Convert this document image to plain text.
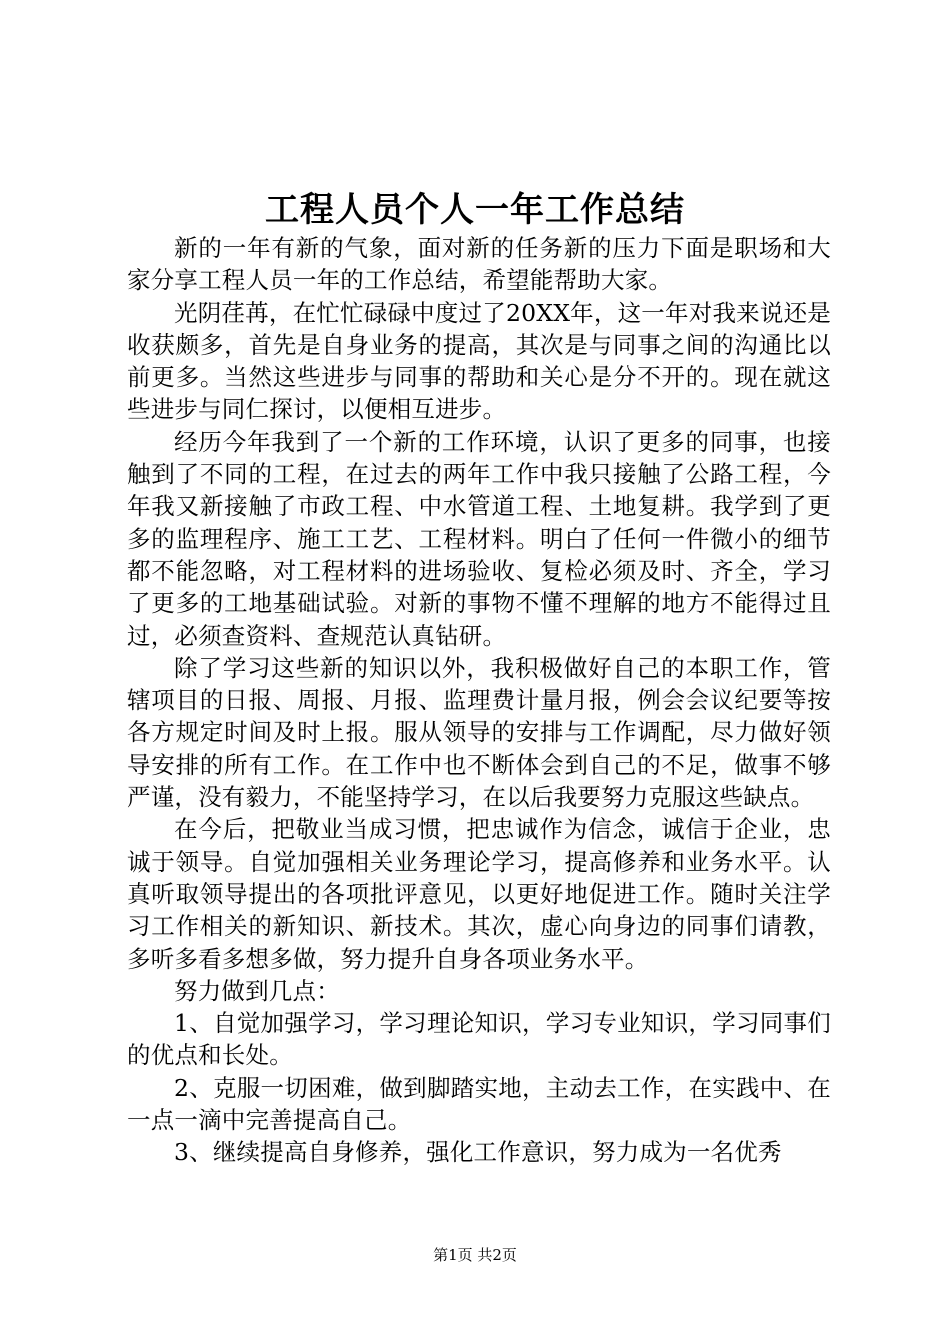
工程人员个人一年工作总结

新的一年有新的气象，面对新的任务新的压力下面是职场和大家分享工程人员一年的工作总结，希望能帮助大家。

光阴荏苒，在忙忙碌碌中度过了20XX年，这一年对我来说还是收获颇多，首先是自身业务的提高，其次是与同事之间的沟通比以前更多。当然这些进步与同事的帮助和关心是分不开的。现在就这些进步与同仁探讨，以便相互进步。

经历今年我到了一个新的工作环境，认识了更多的同事，也接触到了不同的工程，在过去的两年工作中我只接触了公路工程，今年我又新接触了市政工程、中水管道工程、土地复耕。我学到了更多的监理程序、施工工艺、工程材料。明白了任何一件微小的细节都不能忽略，对工程材料的进场验收、复检必须及时、齐全，学习了更多的工地基础试验。对新的事物不懂不理解的地方不能得过且过，必须查资料、查规范认真钻研。

除了学习这些新的知识以外，我积极做好自己的本职工作，管辖项目的日报、周报、月报、监理费计量月报，例会会议纪要等按各方规定时间及时上报。服从领导的安排与工作调配，尽力做好领导安排的所有工作。在工作中也不断体会到自己的不足，做事不够严谨，没有毅力，不能坚持学习，在以后我要努力克服这些缺点。

在今后，把敬业当成习惯，把忠诚作为信念，诚信于企业，忠诚于领导。自觉加强相关业务理论学习，提高修养和业务水平。认真听取领导提出的各项批评意见，以更好地促进工作。随时关注学习工作相关的新知识、新技术。其次，虚心向身边的同事们请教，多听多看多想多做，努力提升自身各项业务水平。

努力做到几点：

1、自觉加强学习，学习理论知识，学习专业知识，学习同事们的优点和长处。

2、克服一切困难，做到脚踏实地，主动去工作，在实践中、在一点一滴中完善提高自己。

3、继续提高自身修养，强化工作意识，努力成为一名优秀

第1页 共2页
